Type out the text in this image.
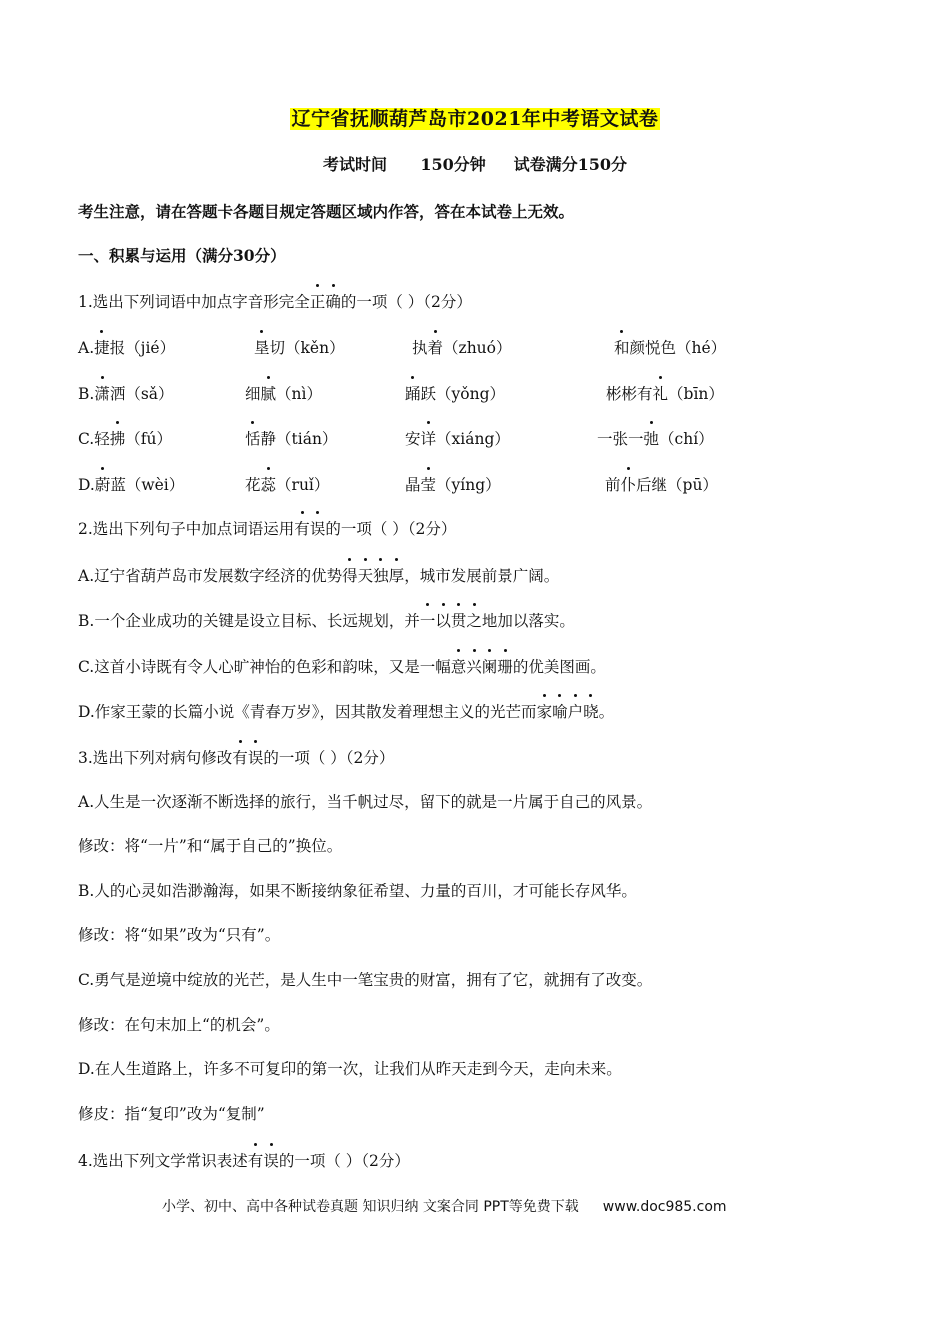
辽宁省抚顺葫芦岛市2021年中考语文试卷
考试时间      150分钟     试卷满分150分
考生注意，请在答题卡各题目规定答题区域内作答，答在本试卷上无效。
一、积累与运用（满分30分）
1.选出下列词语中加点字音形完全正确的一项（ ）（2分）
A.捷报（jié）	垦切（kěn）	执着（zhuó）	和颜悦色（hé）
B.潇洒（sǎ）	细腻（nì）	踊跃（yǒng）	彬彬有礼（bīn）
C.轻拂（fú）	恬静（tián）	安详（xiáng）	一张一弛（chí）
D.蔚蓝（wèi）	花蕊（ruǐ）	晶莹（yíng）	前仆后继（pū）
2.选出下列句子中加点词语运用有误的一项（ ）（2分）
A.辽宁省葫芦岛市发展数字经济的优势得天独厚，城市发展前景广阔。
B.一个企业成功的关键是设立目标、长远规划，并一以贯之地加以落实。
C.这首小诗既有令人心旷神怡的色彩和韵味，又是一幅意兴阑珊的优美图画。
D.作家王蒙的长篇小说《青春万岁》，因其散发着理想主义的光芒而家喻户晓。
3.选出下列对病句修改有误的一项（ ）（2分）
A.人生是一次逐渐不断选择的旅行，当千帆过尽，留下的就是一片属于自己的风景。
修改：将“一片”和“属于自己的”换位。
B.人的心灵如浩渺瀚海，如果不断接纳象征希望、力量的百川，才可能长存风华。
修改：将“如果”改为“只有”。
C.勇气是逆境中绽放的光芒，是人生中一笔宝贵的财富，拥有了它，就拥有了改变。
修改：在句末加上“的机会”。
D.在人生道路上，许多不可复印的第一次，让我们从昨天走到今天，走向未来。
修皮：指“复印”改为“复制”
4.选出下列文学常识表述有误的一项（ ）（2分）
小学、初中、高中各种试卷真题 知识归纳 文案合同 PPT等免费下载 www.doc985.com
